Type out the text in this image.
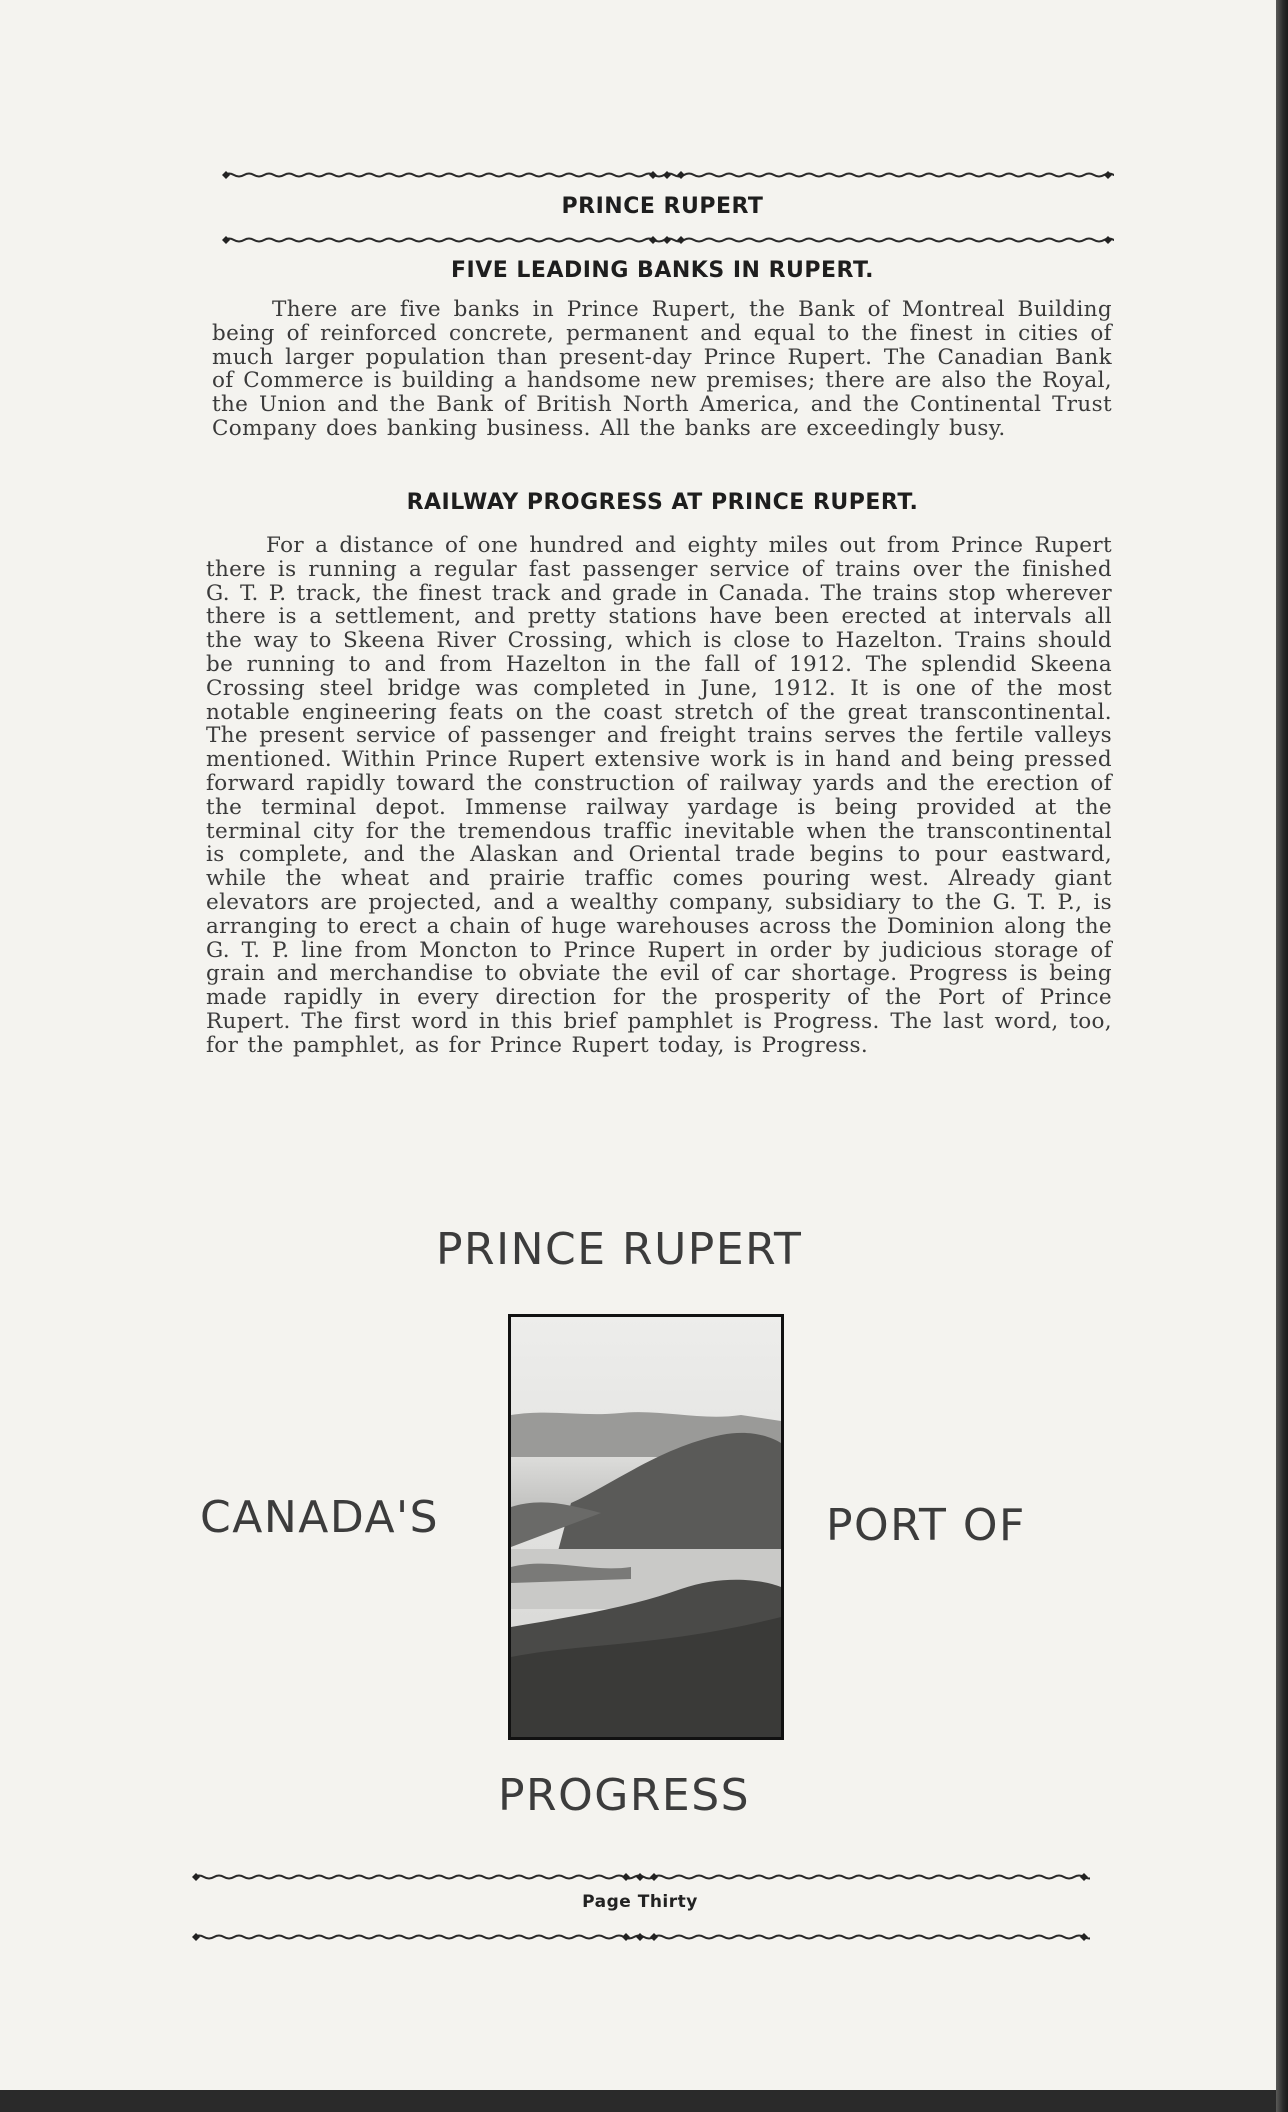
PRINCE RUPERT
FIVE LEADING BANKS IN RUPERT.

There are five banks in Prince Rupert, the Bank of Montreal Building being of reinforced concrete, permanent and equal to the finest in cities of much larger population than present-day Prince Rupert. The Canadian Bank of Commerce is building a handsome new premises; there are also the Royal, the Union and the Bank of British North America, and the Continental Trust Company does banking business. All the banks are exceedingly busy.

RAILWAY PROGRESS AT PRINCE RUPERT.

For a distance of one hundred and eighty miles out from Prince Rupert there is running a regular fast passenger service of trains over the finished G. T. P. track, the finest track and grade in Canada. The trains stop wherever there is a settlement, and pretty stations have been erected at intervals all the way to Skeena River Crossing, which is close to Hazelton. Trains should be running to and from Hazelton in the fall of 1912. The splendid Skeena Crossing steel bridge was completed in June, 1912. It is one of the most notable engineering feats on the coast stretch of the great transcontinental. The present service of passenger and freight trains serves the fertile valleys mentioned. Within Prince Rupert extensive work is in hand and being pressed forward rapidly toward the construction of railway yards and the erection of the terminal depot. Immense railway yardage is being provided at the terminal city for the tremendous traffic inevitable when the transcontinental is complete, and the Alaskan and Oriental trade begins to pour eastward, while the wheat and prairie traffic comes pouring west. Already giant elevators are projected, and a wealthy company, subsidiary to the G. T. P., is arranging to erect a chain of huge warehouses across the Dominion along the G. T. P. line from Moncton to Prince Rupert in order by judicious storage of grain and merchandise to obviate the evil of car shortage. Progress is being made rapidly in every direction for the prosperity of the Port of Prince Rupert. The first word in this brief pamphlet is Progress. The last word, too, for the pamphlet, as for Prince Rupert today, is Progress.

PRINCE RUPERT
CANADA'S	PORT OF
PROGRESS
Page Thirty
